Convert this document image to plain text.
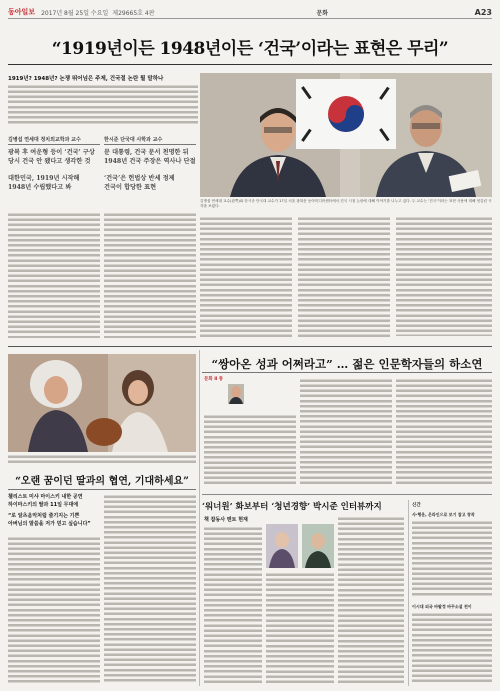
동아일보 2017년 8월 25일 수요일 제29665호 4판	문화	A23
“1919년이든 1948년이든 ‘건국’이라는 표현은 무리”
1919년? 1948년? 논쟁 뛰어넘은 주제, 건국절 논란 뭘 말하나
김병섭 연세대 정치외교학과 교수
광복 후 여운형 등이 ‘건국’ 구상
당시 건국 안 됐다고 생각한 것
대한민국, 1919년 시작해
1948년 수립했다고 봐
한시준 단국대 사학과 교수
문 대통령, 건국 문서 천명한 뒤
1948년 건국 주장은 역사나 단절
‘건국’은 헌법상 반세 정제
건국이 합당한 표현
김병섭 연세대 교수(왼쪽)와 한시준 단국대 교수가 17일 서울 광화문 동아미디어센터에서 건국 시점 논란에 대해 이야기를 나누고 있다. 두 교수는 ‘건국’이라는 표현 사용에 대해 엇갈린 시각을 보였다.
“오랜 꿈이던 딸과의 협연, 기대하세요”
첼리스트 미샤 마이스키 내한 공연
하이마스키의 딸과 11일 무대에
“로 알츠음악처럼 즐기지는 기쁜
아버님의 말씀을 저가 믿고 싶습니다”
“쌍아온 성과 어쩌라고” … 젊은 인문학자들의 하소연
문화 Ⅱ 통
‘워너원’ 화보부터 ‘청년경향’ 박시준 인터뷰까지
책 잡동사 맨토 현재
신간
사·행운, 온라인으로 보기 참고 창작
이시대 외국 바팔정 바꾸소설 전이
